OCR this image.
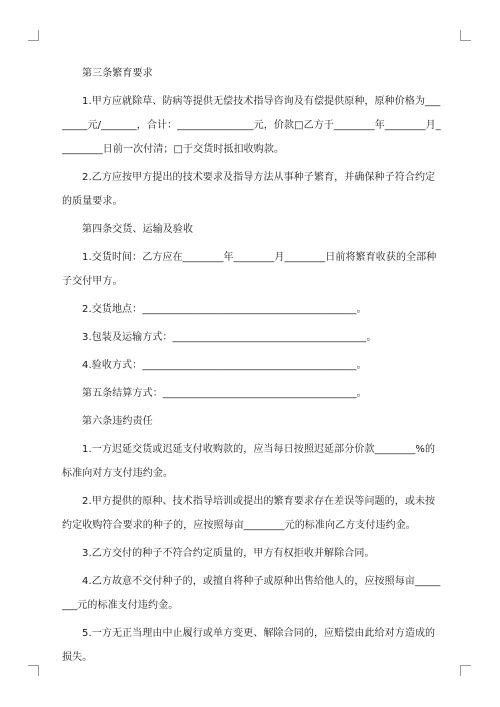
第三条繁育要求
1.甲方应就除草、防病等提供无偿技术指导咨询及有偿提供原种，原种价格为___
_____元/_______，合计：_______________元，价款□乙方于________年________月_
________日前一次付清；□于交货时抵扣收购款。
2.乙方应按甲方提出的技术要求及指导方法从事种子繁育，并确保种子符合约定
的质量要求。
第四条交货、运输及验收
1.交货时间：乙方应在________年________月________日前将繁育收获的全部种
子交付甲方。
2.交货地点：__________________________________________。
3.包装及运输方式：______________________________________。
4.验收方式：__________________________________________。
第五条结算方式：______________________________________。
第六条违约责任
1.一方迟延交货或迟延支付收购款的，应当每日按照迟延部分价款________%的
标准向对方支付违约金。
2.甲方提供的原种、技术指导培训或提出的繁育要求存在差误等问题的，或未按
约定收购符合要求的种子的，应按照每亩________元的标准向乙方支付违约金。
3.乙方交付的种子不符合约定质量的，甲方有权拒收并解除合同。
4.乙方故意不交付种子的，或擅自将种子或原种出售给他人的，应按照每亩_____
___元的标准支付违约金。
5.一方无正当理由中止履行或单方变更、解除合同的，应赔偿由此给对方造成的
损失。
